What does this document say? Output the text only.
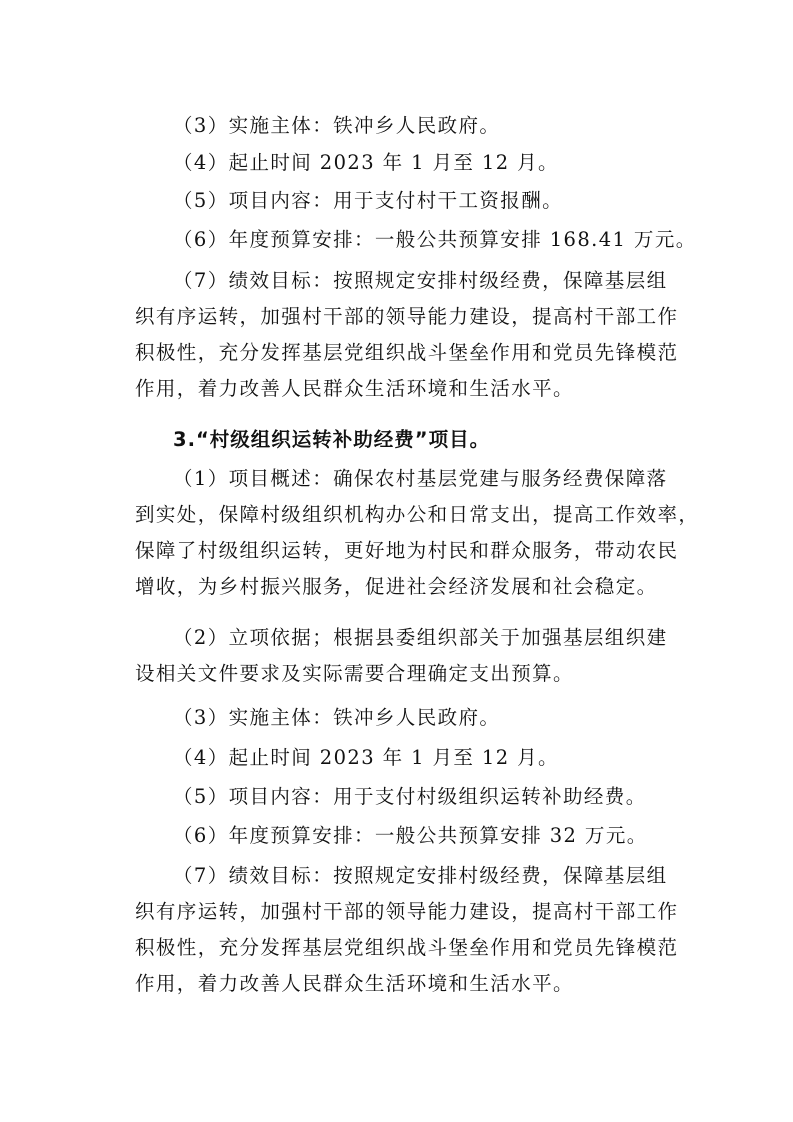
（3）实施主体：铁冲乡人民政府。

（4）起止时间 2023 年 1 月至 12 月。

（5）项目内容：用于支付村干工资报酬。

（6）年度预算安排：一般公共预算安排 168.41 万元。

（7）绩效目标：按照规定安排村级经费，保障基层组
织有序运转，加强村干部的领导能力建设，提高村干部工作
积极性，充分发挥基层党组织战斗堡垒作用和党员先锋模范
作用，着力改善人民群众生活环境和生活水平。

3.“村级组织运转补助经费”项目。

（1）项目概述：确保农村基层党建与服务经费保障落
到实处，保障村级组织机构办公和日常支出，提高工作效率，
保障了村级组织运转，更好地为村民和群众服务，带动农民
增收，为乡村振兴服务，促进社会经济发展和社会稳定。

（2）立项依据；根据县委组织部关于加强基层组织建
设相关文件要求及实际需要合理确定支出预算。

（3）实施主体：铁冲乡人民政府。

（4）起止时间 2023 年 1 月至 12 月。

（5）项目内容：用于支付村级组织运转补助经费。

（6）年度预算安排：一般公共预算安排 32 万元。

（7）绩效目标：按照规定安排村级经费，保障基层组
织有序运转，加强村干部的领导能力建设，提高村干部工作
积极性，充分发挥基层党组织战斗堡垒作用和党员先锋模范
作用，着力改善人民群众生活环境和生活水平。
